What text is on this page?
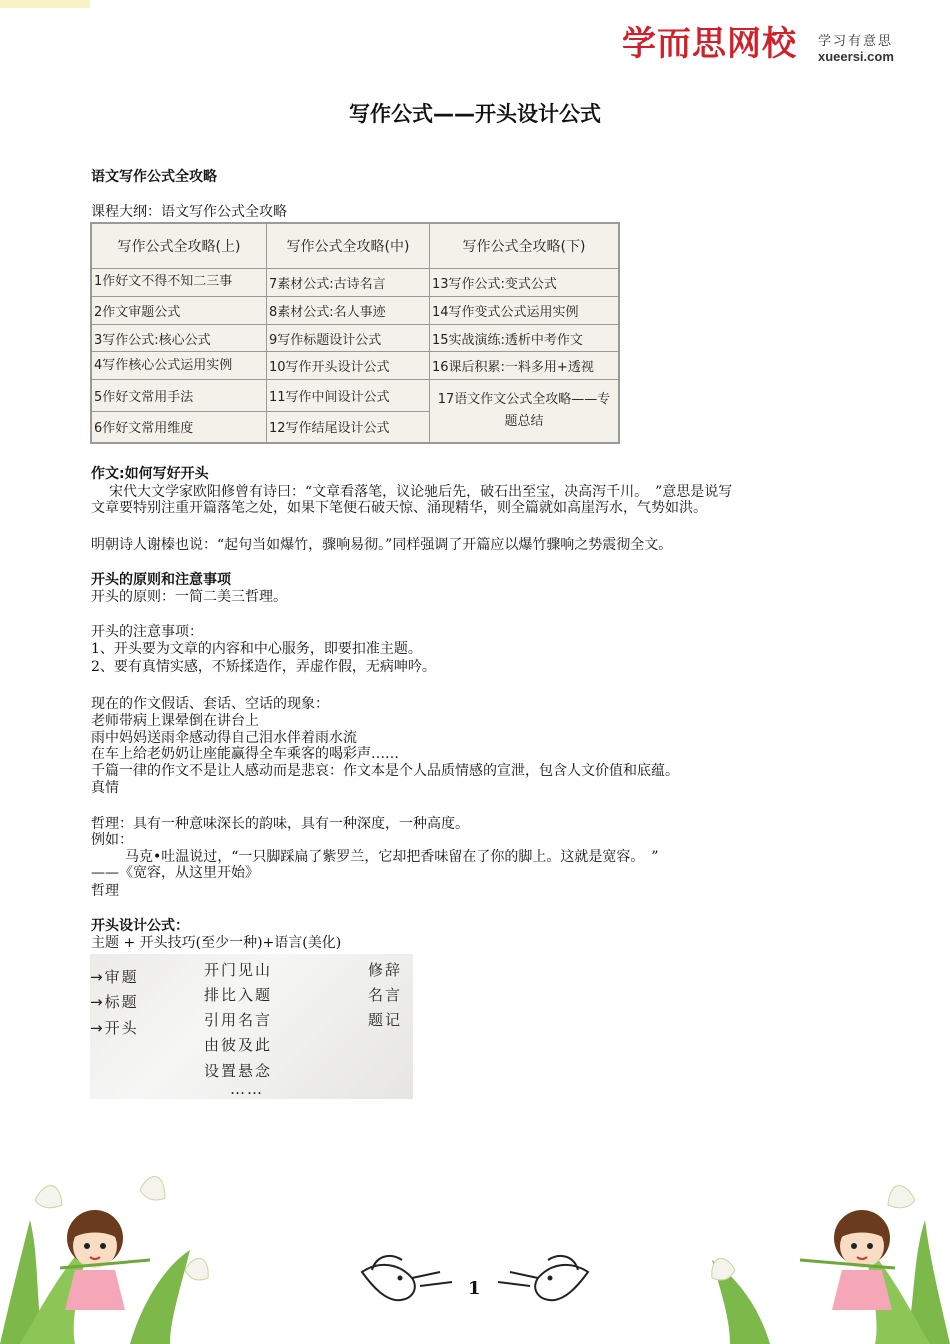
学而思网校 学习有意思
xueersi.com
写作公式——开头设计公式
语文写作公式全攻略
课程大纲：语文写作公式全攻略
写作公式全攻略(上)	写作公式全攻略(中)	写作公式全攻略(下)
1作好文不得不知二三事	7素材公式:古诗名言	13写作公式:变式公式
2作文审题公式	8素材公式:名人事迹	14写作变式公式运用实例
3写作公式:核心公式	9写作标题设计公式	15实战演练:透析中考作文
4写作核心公式运用实例	10写作开头设计公式	16课后积累:一料多用+透视
5作好文常用手法	11写作中间设计公式	17语文作文公式全攻略——专题总结
6作好文常用维度	12写作结尾设计公式	
作文:如何写好开头
宋代大文学家欧阳修曾有诗曰：“文章看落笔，议论驰后先，破石出至宝，决高泻千川。　”意思是说写
文章要特别注重开篇落笔之处，如果下笔便石破天惊、涌现精华，则全篇就如高崖泻水，气势如洪。
明朝诗人谢榛也说：“起句当如爆竹，骤响易彻。”同样强调了开篇应以爆竹骤响之势震彻全文。
开头的原则和注意事项
开头的原则：一简二美三哲理。
开头的注意事项：
1、开头要为文章的内容和中心服务，即要扣准主题。
2、要有真情实感，不矫揉造作，弄虚作假，无病呻吟。
现在的作文假话、套话、空话的现象：
老师带病上课晕倒在讲台上
雨中妈妈送雨伞感动得自己泪水伴着雨水流
在车上给老奶奶让座能赢得全车乘客的喝彩声……
千篇一律的作文不是让人感动而是悲哀：作文本是个人品质情感的宣泄，包含人文价值和底蕴。
真情
哲理：具有一种意味深长的韵味，具有一种深度，一种高度。
例如：
马克•吐温说过，“一只脚踩扁了紫罗兰，它却把香味留在了你的脚上。这就是宽容。　”
——《宽容，从这里开始》
哲理
开头设计公式：
主题 + 开头技巧(至少一种)+语言(美化)
→审题
→标题
→开头
开门见山
排比入题
引用名言
由彼及此
设置悬念
……
修辞
名言
题记
1
